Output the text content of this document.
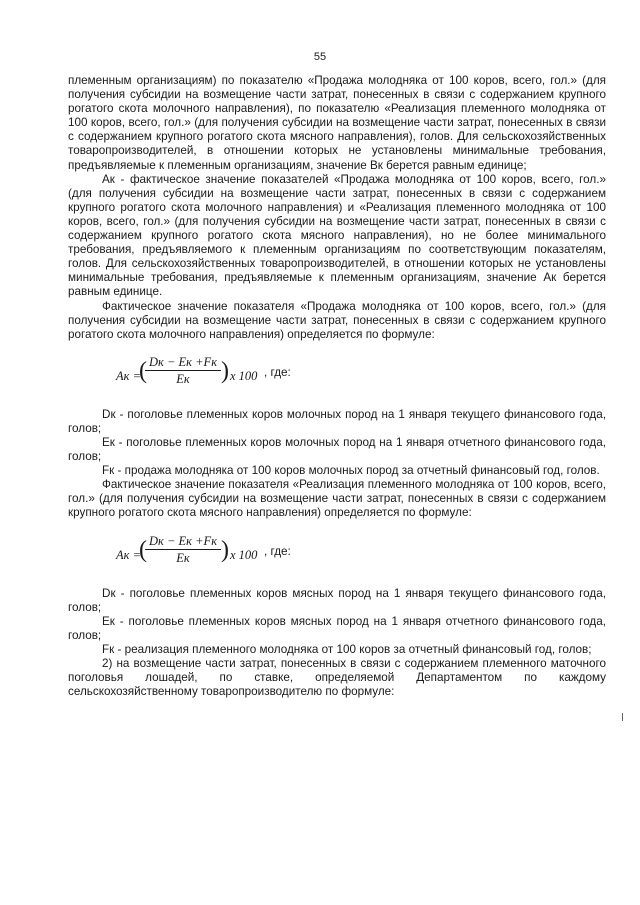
55

племенным организациям) по показателю «Продажа молодняка от 100 коров, всего, гол.» (для получения субсидии на возмещение части затрат, понесенных в связи с содержанием крупного рогатого скота молочного направления), по показателю «Реализация племенного молодняка от 100 коров, всего, гол.» (для получения субсидии на возмещение части затрат, понесенных в связи с содержанием крупного рогатого скота мясного направления), голов. Для сельскохозяйственных товаропроизводителей, в отношении которых не установлены минимальные требования, предъявляемые к племенным организациям, значение Вк берется равным единице;

Ак - фактическое значение показателей «Продажа молодняка от 100 коров, всего, гол.» (для получения субсидии на возмещение части затрат, понесенных в связи с содержанием крупного рогатого скота молочного направления) и «Реализация племенного молодняка от 100 коров, всего, гол.» (для получения субсидии на возмещение части затрат, понесенных в связи с содержанием крупного рогатого скота мясного направления), но не более минимального требования, предъявляемого к племенным организациям по соответствующим показателям, голов. Для сельскохозяйственных товаропроизводителей, в отношении которых не установлены минимальные требования, предъявляемые к племенным организациям, значение Ак берется равным единице.

Фактическое значение показателя «Продажа молодняка от 100 коров, всего, гол.» (для получения субсидии на возмещение части затрат, понесенных в связи с содержанием крупного рогатого скота молочного направления) определяется по формуле:

Ак =
( Dк − Ек +Fк
Ек	) x 100 , где:

Dк - поголовье племенных коров молочных пород на 1 января текущего финансового года, голов;

Ек - поголовье племенных коров молочных пород на 1 января отчетного финансового года, голов;

Fк - продажа молодняка от 100 коров молочных пород за отчетный финансовый год, голов.

Фактическое значение показателя «Реализация племенного молодняка от 100 коров, всего, гол.» (для получения субсидии на возмещение части затрат, понесенных в связи с содержанием крупного рогатого скота мясного направления) определяется по формуле:

Ак =
( Dк − Ек +Fк
Ек	) x 100 , где:

Dк - поголовье племенных коров мясных пород на 1 января текущего финансового года, голов;

Ек - поголовье племенных коров мясных пород на 1 января отчетного финансового года, голов;

Fк - реализация племенного молодняка от 100 коров за отчетный финансовый год, голов;

2) на возмещение части затрат, понесенных в связи с содержанием племенного маточного поголовья лошадей, по ставке, определяемой Департаментом по каждому сельскохозяйственному товаропроизводителю по формуле:
